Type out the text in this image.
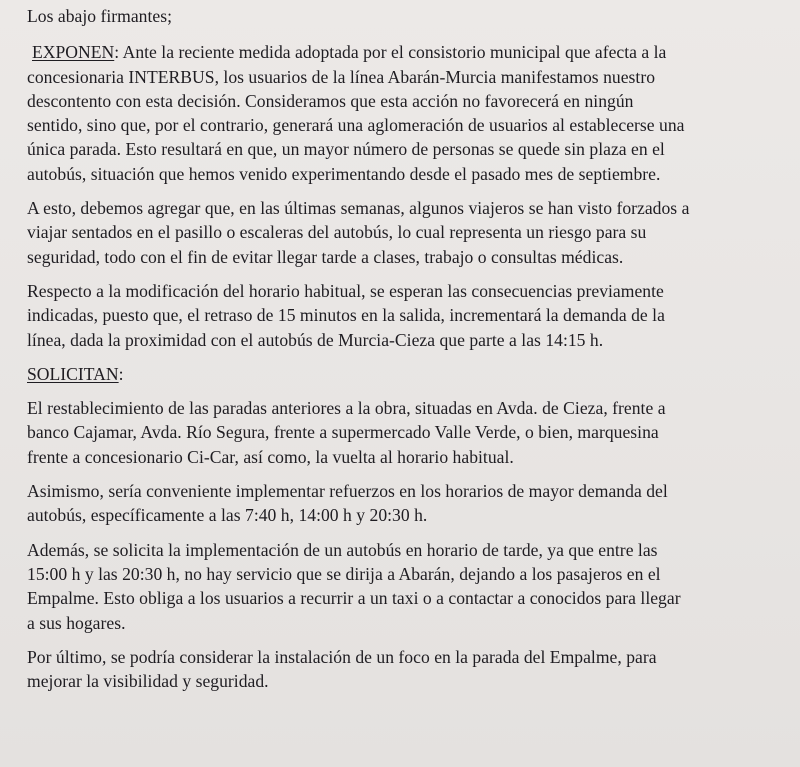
Los abajo firmantes;
EXPONEN: Ante la reciente medida adoptada por el consistorio municipal que afecta a la
concesionaria INTERBUS, los usuarios de la línea Abarán-Murcia manifestamos nuestro
descontento con esta decisión. Consideramos que esta acción no favorecerá en ningún
sentido, sino que, por el contrario, generará una aglomeración de usuarios al establecerse una
única parada. Esto resultará en que, un mayor número de personas se quede sin plaza en el
autobús, situación que hemos venido experimentando desde el pasado mes de septiembre.
A esto, debemos agregar que, en las últimas semanas, algunos viajeros se han visto forzados a
viajar sentados en el pasillo o escaleras del autobús, lo cual representa un riesgo para su
seguridad, todo con el fin de evitar llegar tarde a clases, trabajo o consultas médicas.
Respecto a la modificación del horario habitual, se esperan las consecuencias previamente
indicadas, puesto que, el retraso de 15 minutos en la salida, incrementará la demanda de la
línea, dada la proximidad con el autobús de Murcia-Cieza que parte a las 14:15 h.
SOLICITAN:
El restablecimiento de las paradas anteriores a la obra, situadas en Avda. de Cieza, frente a
banco Cajamar, Avda. Río Segura, frente a supermercado Valle Verde, o bien, marquesina
frente a concesionario Ci-Car, así como, la vuelta al horario habitual.
Asimismo, sería conveniente implementar refuerzos en los horarios de mayor demanda del
autobús, específicamente a las 7:40 h, 14:00 h y 20:30 h.
Además, se solicita la implementación de un autobús en horario de tarde, ya que entre las
15:00 h y las 20:30 h, no hay servicio que se dirija a Abarán, dejando a los pasajeros en el
Empalme. Esto obliga a los usuarios a recurrir a un taxi o a contactar a conocidos para llegar
a sus hogares.
Por último, se podría considerar la instalación de un foco en la parada del Empalme, para
mejorar la visibilidad y seguridad.
